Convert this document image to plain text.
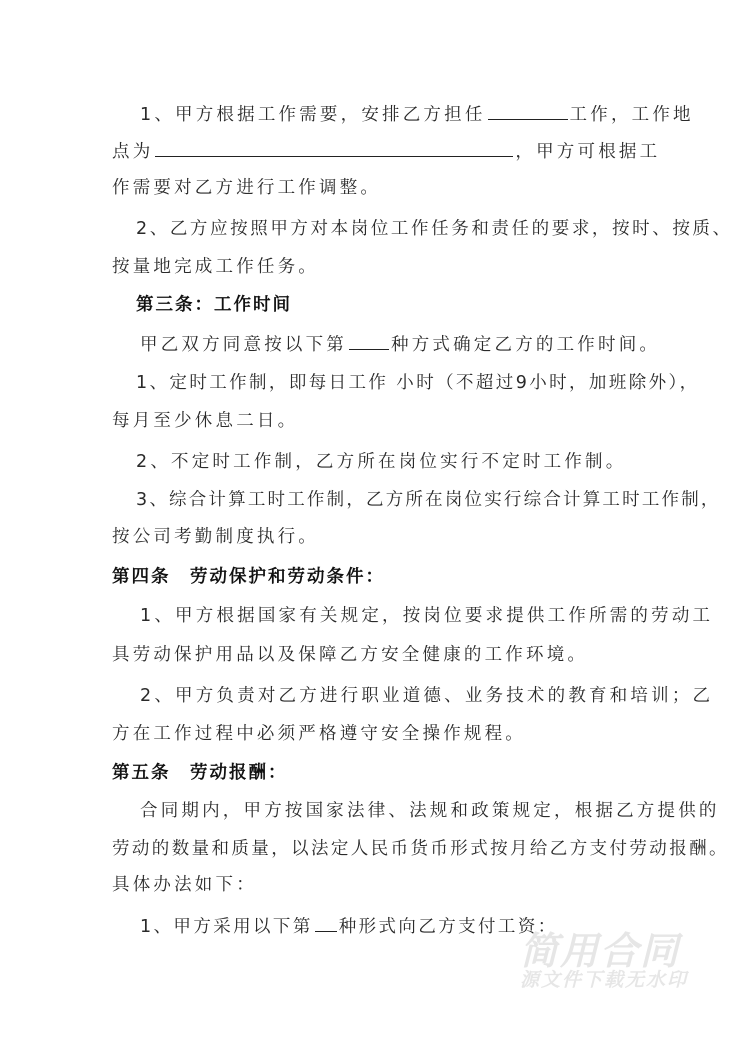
1、甲方根据工作需要，安排乙方担任	工作，工作地
点为	，甲方可根据工
作需要对乙方进行工作调整。
2、乙方应按照甲方对本岗位工作任务和责任的要求，按时、按质、
按量地完成工作任务。
第三条：工作时间
甲乙双方同意按以下第	种方式确定乙方的工作时间。
1、定时工作制，即每日工作 小时（不超过9小时，加班除外），
每月至少休息二日。
2、不定时工作制，乙方所在岗位实行不定时工作制。
3、综合计算工时工作制，乙方所在岗位实行综合计算工时工作制，
按公司考勤制度执行。
第四条　劳动保护和劳动条件：
1、甲方根据国家有关规定，按岗位要求提供工作所需的劳动工
具劳动保护用品以及保障乙方安全健康的工作环境。
2、甲方负责对乙方进行职业道德、业务技术的教育和培训；乙
方在工作过程中必须严格遵守安全操作规程。
第五条　劳动报酬：
合同期内，甲方按国家法律、法规和政策规定，根据乙方提供的
劳动的数量和质量，以法定人民币货币形式按月给乙方支付劳动报酬。
具体办法如下：
1、甲方采用以下第 种形式向乙方支付工资：
简用合同
源文件下载无水印
